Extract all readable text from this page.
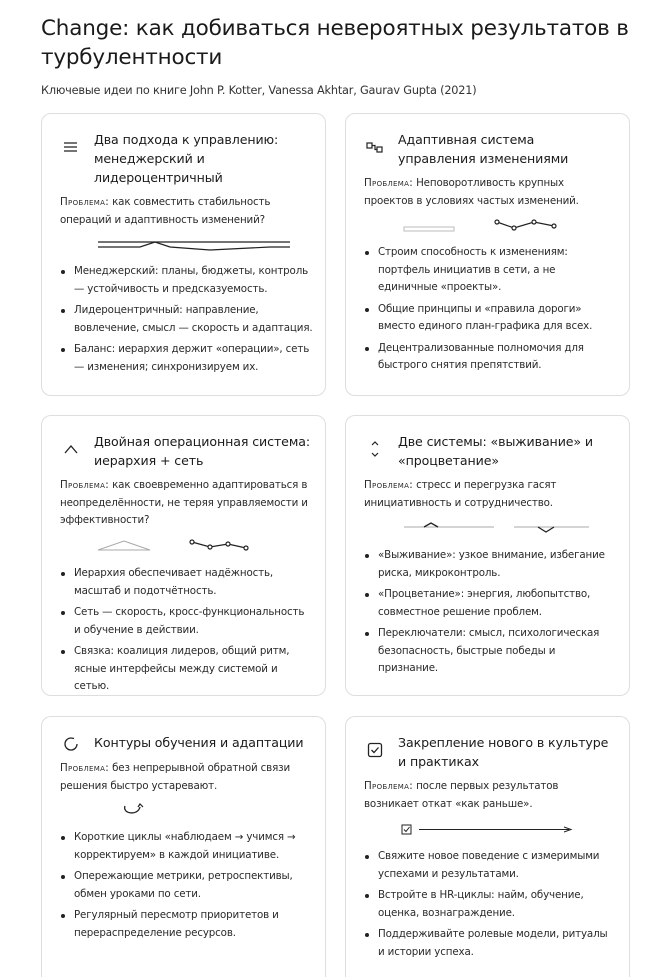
Change: как добиваться невероятных результатов в турбулентности
Ключевые идеи по книге John P. Kotter, Vanessa Akhtar, Gaurav Gupta (2021)
Два подхода к управлению: менеджерский и лидероцентричный
Проблема: как совместить стабильность операций и адаптивность изменений?
Менеджерский: планы, бюджеты, контроль — устойчивость и предсказуемость.
Лидероцентричный: направление, вовлечение, смысл — скорость и адаптация.
Баланс: иерархия держит «операции», сеть — изменения; синхронизируем их.
Адаптивная система управления изменениями
Проблема: Неповоротливость крупных проектов в условиях частых изменений.
Строим способность к изменениям: портфель инициатив в сети, а не единичные «проекты».
Общие принципы и «правила дороги» вместо единого план-графика для всех.
Децентрализованные полномочия для быстрого снятия препятствий.
Двойная операционная система: иерархия + сеть
Проблема: как своевременно адаптироваться в неопределённости, не теряя управляемости и эффективности?
Иерархия обеспечивает надёжность, масштаб и подотчётность.
Сеть — скорость, кросс-функциональность и обучение в действии.
Связка: коалиция лидеров, общий ритм, ясные интерфейсы между системой и сетью.
Две системы: «выживание» и «процветание»
Проблема: стресс и перегрузка гасят инициативность и сотрудничество.
«Выживание»: узкое внимание, избегание риска, микроконтроль.
«Процветание»: энергия, любопытство, совместное решение проблем.
Переключатели: смысл, психологическая безопасность, быстрые победы и признание.
Контуры обучения и адаптации
Проблема: без непрерывной обратной связи решения быстро устаревают.
Короткие циклы «наблюдаем → учимся → корректируем» в каждой инициативе.
Опережающие метрики, ретроспективы, обмен уроками по сети.
Регулярный пересмотр приоритетов и перераспределение ресурсов.
Закрепление нового в культуре и практиках
Проблема: после первых результатов возникает откат «как раньше».
Свяжите новое поведение с измеримыми успехами и результатами.
Встройте в HR-циклы: найм, обучение, оценка, вознаграждение.
Поддерживайте ролевые модели, ритуалы и истории успеха.
